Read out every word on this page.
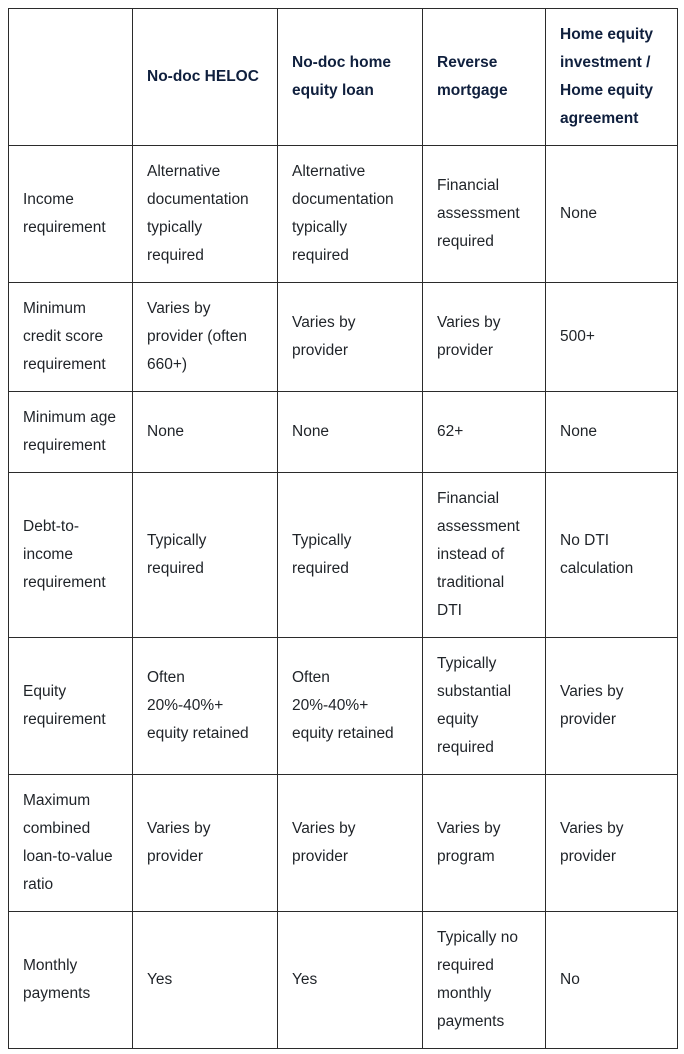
	No-doc HELOC	No-doc home equity loan	Reverse mortgage	Home equity investment / Home equity agreement
Income requirement	Alternative documentation typically required	Alternative documentation typically required	Financial assessment required	None
Minimum credit score requirement	Varies by provider (often 660+)	Varies by provider	Varies by provider	500+
Minimum age requirement	None	None	62+	None
Debt-to-income requirement	Typically required	Typically required	Financial assessment instead of traditional DTI	No DTI calculation
Equity requirement	Often 20%-40%+ equity retained	Often 20%-40%+ equity retained	Typically substantial equity required	Varies by provider
Maximum combined loan-to-value ratio	Varies by provider	Varies by provider	Varies by program	Varies by provider
Monthly payments	Yes	Yes	Typically no required monthly payments	No
